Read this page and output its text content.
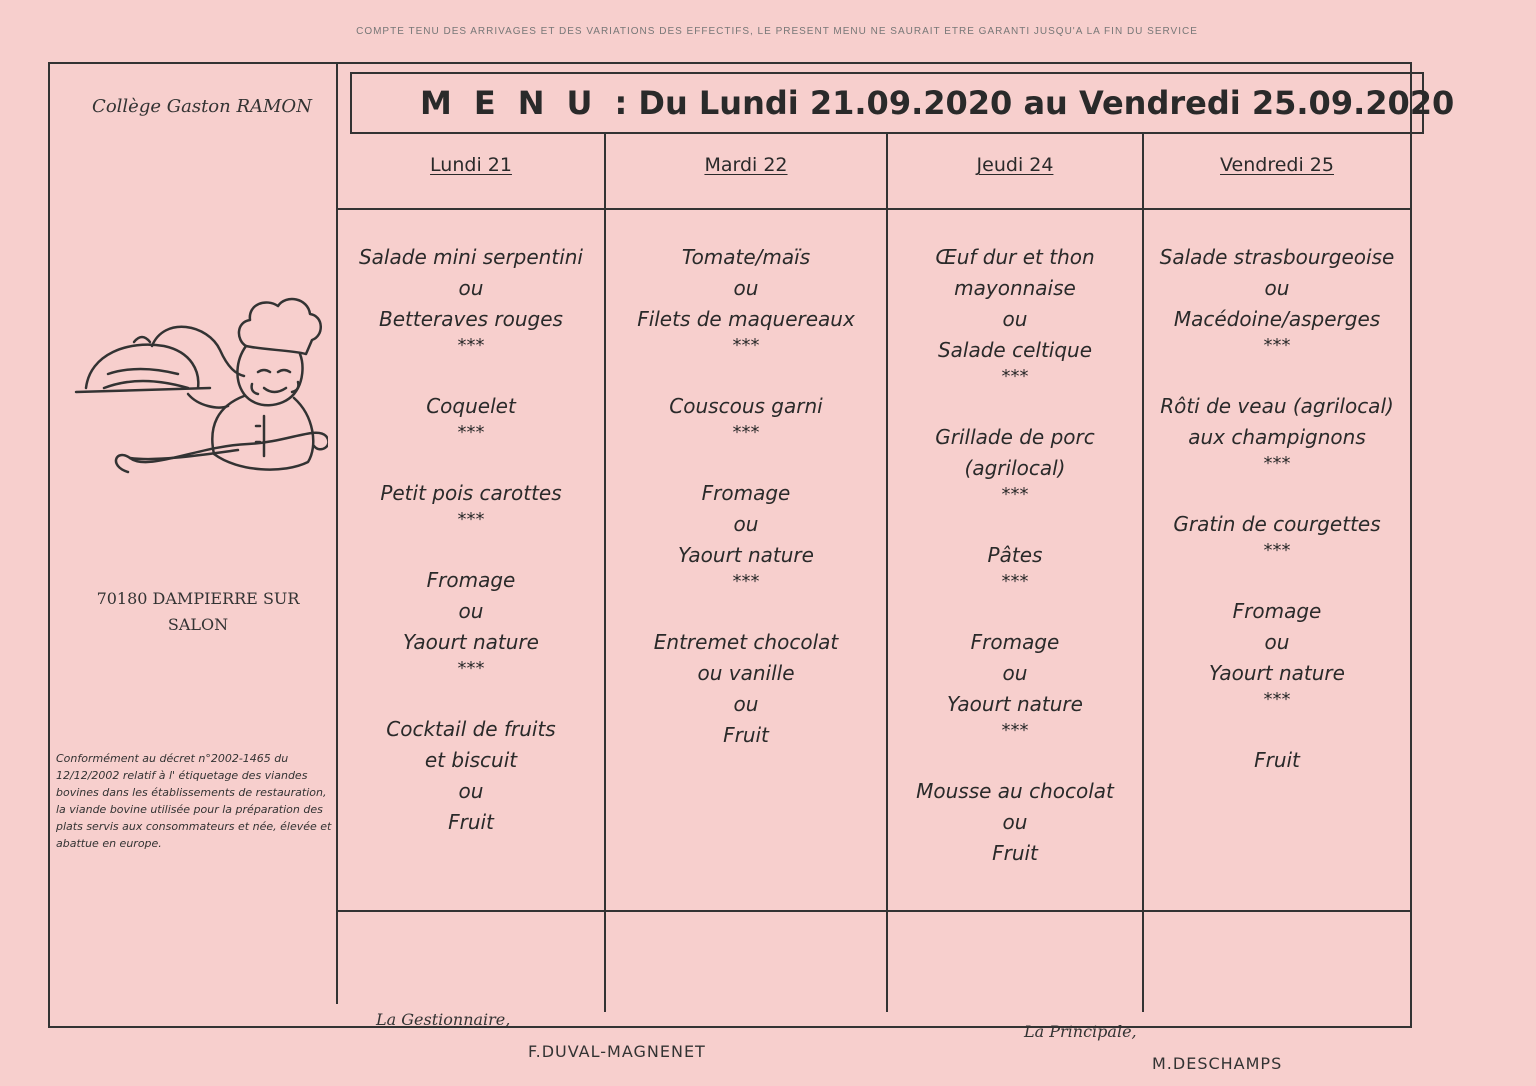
COMPTE TENU DES ARRIVAGES ET DES VARIATIONS DES EFFECTIFS, LE PRESENT MENU NE SAURAIT ETRE GARANTI JUSQU'A LA FIN DU SERVICE
Collège Gaston RAMON
70180 DAMPIERRE SUR
SALON
Conformément au décret n°2002-1465 du 12/12/2002 relatif à l' étiquetage des viandes bovines dans les établissements de restauration, la viande bovine utilisée pour la préparation des plats servis aux consommateurs et née, élevée et abattue en europe.
MENU: Du Lundi 21.09.2020 au Vendredi 25.09.2020
Lundi 21
Salade mini serpentini
ou
Betteraves rouges
***
Coquelet
***
Petit pois carottes
***
Fromage
ou
Yaourt nature
***
Cocktail de fruits
et biscuit
ou
Fruit
Mardi 22
Tomate/maïs
ou
Filets de maquereaux
***
Couscous garni
***
Fromage
ou
Yaourt nature
***
Entremet chocolat
ou vanille
ou
Fruit
Jeudi 24
Œuf dur et thon
mayonnaise
ou
Salade celtique
***
Grillade de porc
(agrilocal)
***
Pâtes
***
Fromage
ou
Yaourt nature
***
Mousse au chocolat
ou
Fruit
Vendredi 25
Salade strasbourgeoise
ou
Macédoine/asperges
***
Rôti de veau (agrilocal)
aux champignons
***
Gratin de courgettes
***
Fromage
ou
Yaourt nature
***
Fruit
La Gestionnaire,
F.DUVAL-MAGNENET
La Principale,
M.DESCHAMPS
